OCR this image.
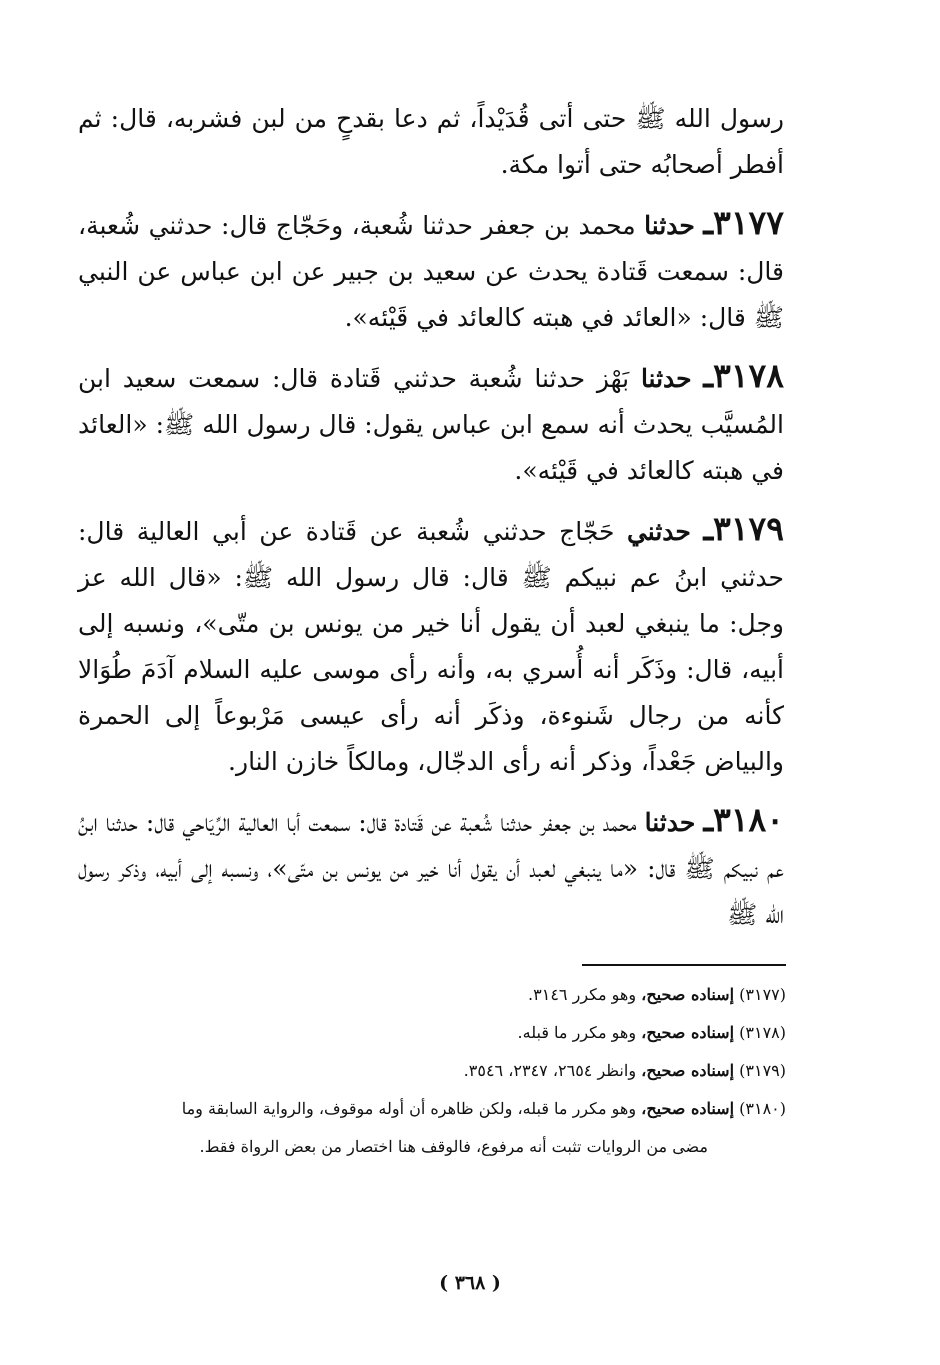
رسول الله ﷺ حتى أتى قُدَيْداً، ثم دعا بقدحٍ من لبن فشربه، قال: ثم أفطر أصحابُه حتى أتوا مكة.

٣١٧٧ـ حدثنا محمد بن جعفر حدثنا شُعبة، وحَجّاج قال: حدثني شُعبة، قال: سمعت قَتادة يحدث عن سعيد بن جبير عن ابن عباس عن النبي ﷺ قال: «العائد في هبته كالعائد في قَيْئه».

٣١٧٨ـ حدثنا بَهْز حدثنا شُعبة حدثني قَتادة قال: سمعت سعيد ابن المُسيَّب يحدث أنه سمع ابن عباس يقول: قال رسول الله ﷺ: «العائد في هبته كالعائد في قَيْئه».

٣١٧٩ـ حدثني حَجّاج حدثني شُعبة عن قَتادة عن أبي العالية قال: حدثني ابنُ عم نبيكم ﷺ قال: قال رسول الله ﷺ: «قال الله عز وجل: ما ينبغي لعبد أن يقول أنا خير من يونس بن متّى»، ونسبه إلى أبيه، قال: وذَكَر أنه أُسري به، وأنه رأى موسى عليه السلام آدَمَ طُوَالا كأنه من رجال شَنوءة، وذكَر أنه رأى عيسى مَرْبوعاً إلى الحمرة والبياض جَعْداً، وذكر أنه رأى الدجّال، ومالكاً خازن النار.

٣١٨٠ـ حدثنا محمد بن جعفر حدثنا شُعبة عن قَتادة قال: سمعت أبا العالية الرِّيَاحي قال: حدثنا ابنُ عم نبيكم ﷺ قال: «ما ينبغي لعبد أن يقول أنا خير من يونس بن متّى»، ونسبه إلى أبيه، وذكر رسول الله ﷺ

(٣١٧٧) إسناده صحيح، وهو مكرر ٣١٤٦.

(٣١٧٨) إسناده صحيح، وهو مكرر ما قبله.

(٣١٧٩) إسناده صحيح، وانظر ٢٦٥٤، ٢٣٤٧، ٣٥٤٦.

(٣١٨٠) إسناده صحيح، وهو مكرر ما قبله، ولكن ظاهره أن أوله موقوف، والرواية السابقة وما
مضى من الروايات تثبت أنه مرفوع، فالوقف هنا اختصار من بعض الرواة فقط.

( ٣٦٨ )
